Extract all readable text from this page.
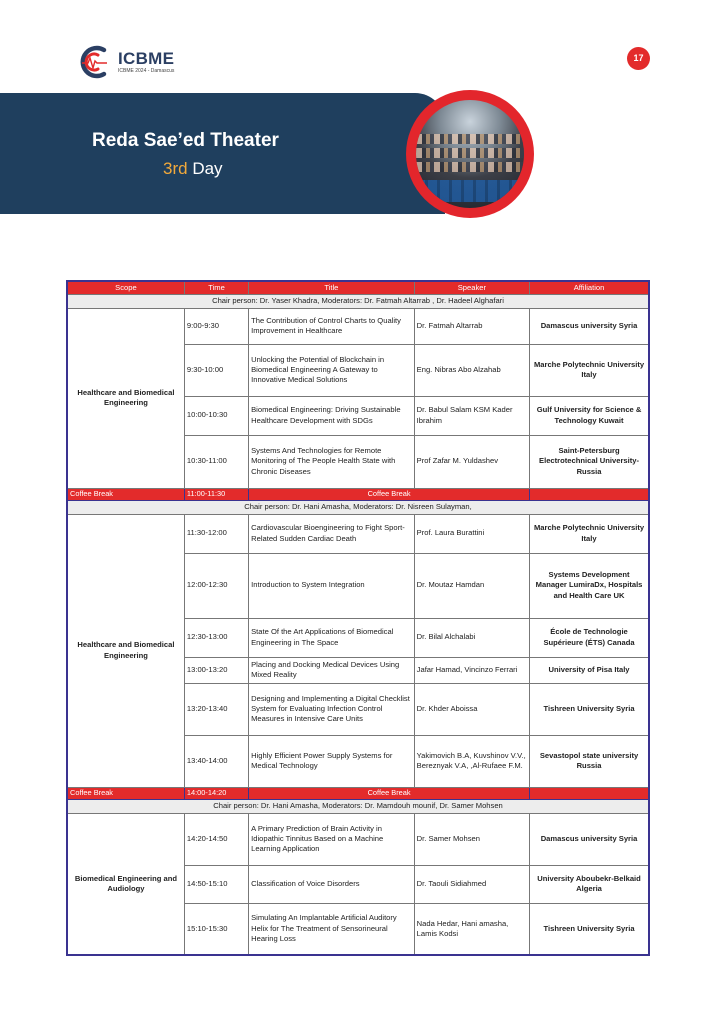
ICBME
ICBME 2024 - Damascus
17
Reda Sae’ed Theater
3rd Day
Scope	Time	Title	Speaker	Affiliation
Chair person: Dr. Yaser Khadra, Moderators: Dr. Fatmah Altarrab , Dr. Hadeel Alghafari				
Healthcare and Biomedical Engineering	9:00-9:30	The Contribution of Control Charts to Quality Improvement in Healthcare	Dr. Fatmah Altarrab	Damascus university Syria
	9:30-10:00	Unlocking the Potential of Blockchain in Biomedical Engineering A Gateway to Innovative Medical Solutions	Eng. Nibras Abo Alzahab	Marche Polytechnic University Italy
	10:00-10:30	Biomedical Engineering: Driving Sustainable Healthcare Development with SDGs	Dr. Babul Salam KSM Kader Ibrahim	Gulf University for Science & Technology Kuwait
	10:30-11:00	Systems And Technologies for Remote Monitoring of The People Health State with Chronic Diseases	Prof Zafar M. Yuldashev	Saint-Petersburg Electrotechnical University- Russia
Coffee Break	11:00-11:30	Coffee Break		
Chair person: Dr. Hani Amasha, Moderators: Dr. Nisreen Sulayman,				
Healthcare and Biomedical Engineering	11:30-12:00	Cardiovascular Bioengineering to Fight Sport-Related Sudden Cardiac Death	Prof. Laura Burattini	Marche Polytechnic University Italy
	12:00-12:30	Introduction to System Integration	Dr. Moutaz Hamdan	Systems Development Manager LumiraDx, Hospitals and Health Care UK
	12:30-13:00	State Of the Art Applications of Biomedical Engineering in The Space	Dr. Bilal Alchalabi	École de Technologie Supérieure (ÉTS) Canada
	13:00-13:20	Placing and Docking Medical Devices Using Mixed Reality	Jafar Hamad, Vincinzo Ferrari	University of Pisa Italy
	13:20-13:40	Designing and Implementing a Digital Checklist System for Evaluating Infection Control Measures in Intensive Care Units	Dr. Khder Aboissa	Tishreen University Syria
	13:40-14:00	Highly Efficient Power Supply Systems for Medical Technology	Yakimovich B.A, Kuvshinov V.V., Bereznyak V.A, ,Al-Rufaee F.M.	Sevastopol state university Russia
Coffee Break	14:00-14:20	Coffee Break		
Chair person: Dr. Hani Amasha, Moderators: Dr. Mamdouh mounif, Dr. Samer Mohsen				
Biomedical Engineering and Audiology	14:20-14:50	A Primary Prediction of Brain Activity in Idiopathic Tinnitus Based on a Machine Learning Application	Dr. Samer Mohsen	Damascus university Syria
	14:50-15:10	Classification of Voice Disorders	Dr. Taouli Sidiahmed	University Aboubekr-Belkaid Algeria
	15:10-15:30	Simulating An Implantable Artificial Auditory Helix for The Treatment of Sensorineural Hearing Loss	Nada Hedar, Hani amasha, Lamis Kodsi	Tishreen University Syria
